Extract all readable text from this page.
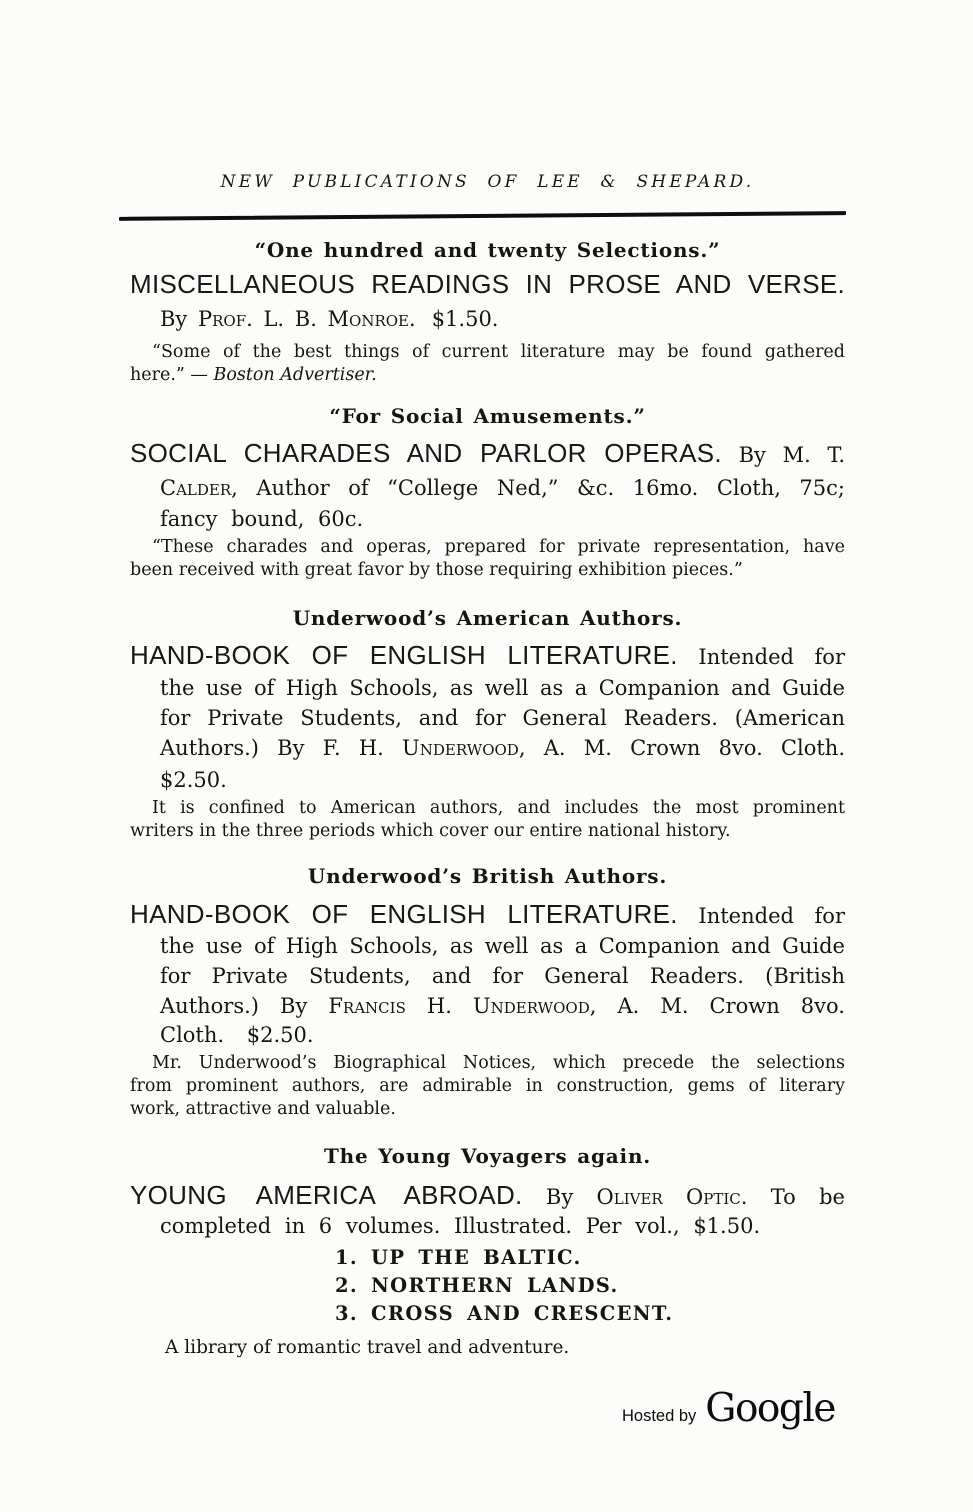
NEW PUBLICATIONS OF LEE & SHEPARD.
“One hundred and twenty Selections.”
MISCELLANEOUS READINGS IN PROSE AND VERSE.
By Prof. L. B. Monroe. $1.50.
“Some of the best things of current literature may be found gathered
here.” — Boston Advertiser.
“For Social Amusements.”
SOCIAL CHARADES AND PARLOR OPERAS. By M. T.
Calder, Author of “College Ned,” &c. 16mo. Cloth, 75c;
fancy bound, 60c.
“These charades and operas, prepared for private representation, have
been received with great favor by those requiring exhibition pieces.”
Underwood’s American Authors.
HAND-BOOK OF ENGLISH LITERATURE. Intended for
the use of High Schools, as well as a Companion and Guide
for Private Students, and for General Readers. (American
Authors.) By F. H. Underwood, A. M. Crown 8vo. Cloth.
$2.50.
It is confined to American authors, and includes the most prominent
writers in the three periods which cover our entire national history.
Underwood’s British Authors.
HAND-BOOK OF ENGLISH LITERATURE. Intended for
the use of High Schools, as well as a Companion and Guide
for Private Students, and for General Readers. (British
Authors.) By Francis H. Underwood, A. M. Crown 8vo.
Cloth. $2.50.
Mr. Underwood’s Biographical Notices, which precede the selections
from prominent authors, are admirable in construction, gems of literary
work, attractive and valuable.
The Young Voyagers again.
YOUNG AMERICA ABROAD. By Oliver Optic. To be
completed in 6 volumes. Illustrated. Per vol., $1.50.
1. UP THE BALTIC.
2. NORTHERN LANDS.
3. CROSS AND CRESCENT.
A library of romantic travel and adventure.
Hosted by Google
